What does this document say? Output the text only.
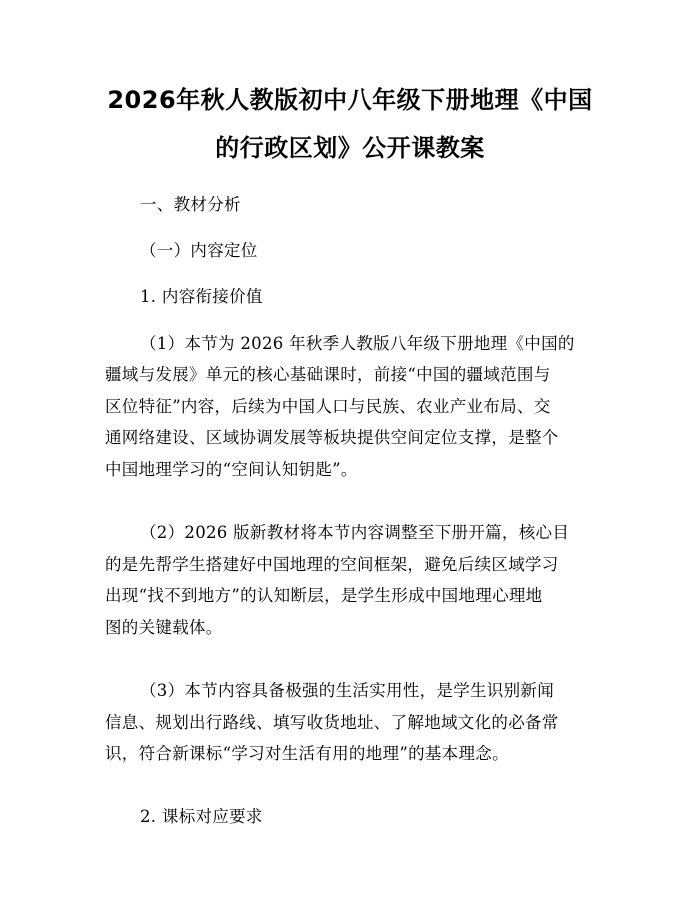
2026年秋人教版初中八年级下册地理《中国
的行政区划》公开课教案
一、教材分析
（一）内容定位
1. 内容衔接价值
（1）本节为 2026 年秋季人教版八年级下册地理《中国的
疆域与发展》单元的核心基础课时，前接“中国的疆域范围与
区位特征”内容，后续为中国人口与民族、农业产业布局、交
通网络建设、区域协调发展等板块提供空间定位支撑，是整个
中国地理学习的“空间认知钥匙”。
（2）2026 版新教材将本节内容调整至下册开篇，核心目
的是先帮学生搭建好中国地理的空间框架，避免后续区域学习
出现“找不到地方”的认知断层，是学生形成中国地理心理地
图的关键载体。
（3）本节内容具备极强的生活实用性，是学生识别新闻
信息、规划出行路线、填写收货地址、了解地域文化的必备常
识，符合新课标“学习对生活有用的地理”的基本理念。
2. 课标对应要求
